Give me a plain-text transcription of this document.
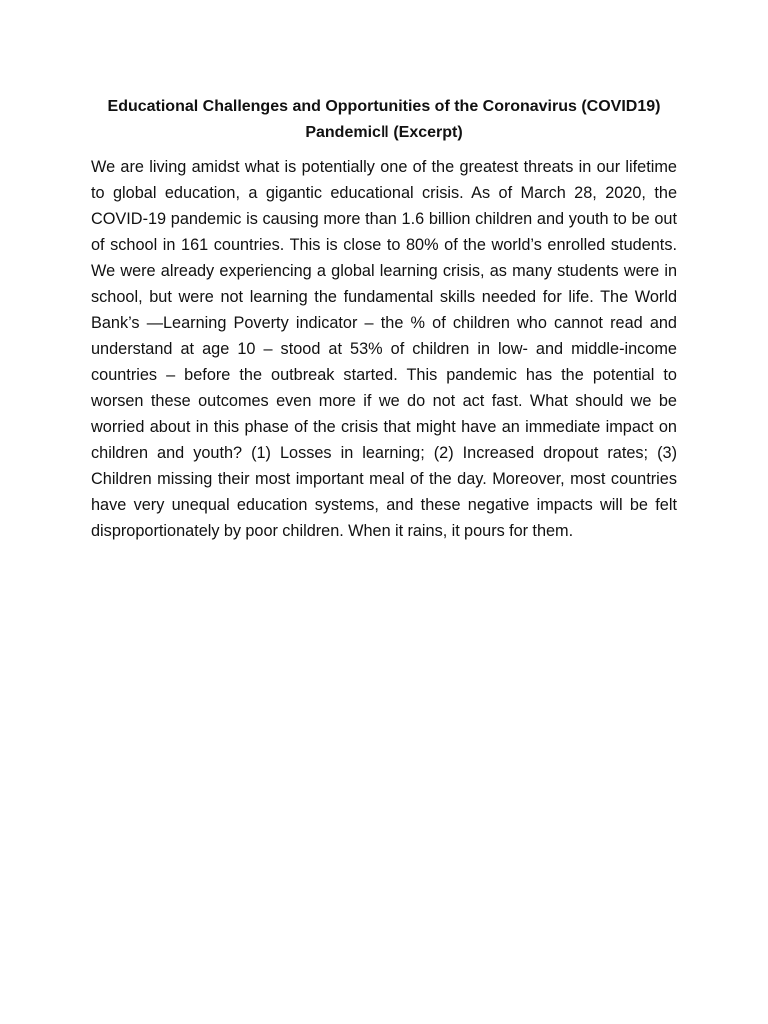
Educational Challenges and Opportunities of the Coronavirus (COVID19) Pandemic‖ (Excerpt)

We are living amidst what is potentially one of the greatest threats in our lifetime to global education, a gigantic educational crisis. As of March 28, 2020, the COVID-19 pandemic is causing more than 1.6 billion children and youth to be out of school in 161 countries. This is close to 80% of the world’s enrolled students. We were already experiencing a global learning crisis, as many students were in school, but were not learning the fundamental skills needed for life. The World Bank’s ―Learning Poverty indicator – the % of children who cannot read and understand at age 10 – stood at 53% of children in low- and middle-income countries – before the outbreak started. This pandemic has the potential to worsen these outcomes even more if we do not act fast. What should we be worried about in this phase of the crisis that might have an immediate impact on children and youth? (1) Losses in learning; (2) Increased dropout rates; (3) Children missing their most important meal of the day. Moreover, most countries have very unequal education systems, and these negative impacts will be felt disproportionately by poor children. When it rains, it pours for them.
